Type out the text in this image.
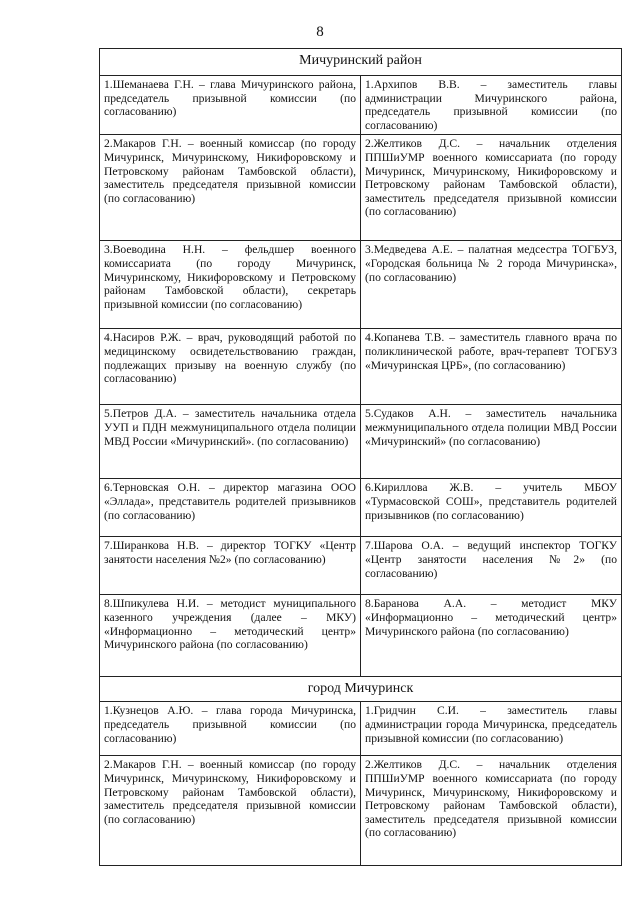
8
Мичуринский район	
1.Шеманаева Г.Н. – глава Мичуринского района, председатель призывной комиссии (по согласованию)	1.Архипов В.В. – заместитель главы администрации Мичуринского района, председатель призывной комиссии (по согласованию)
2.Макаров Г.Н. – военный комиссар (по городу Мичуринск, Мичуринскому, Никифоровскому и Петровскому районам Тамбовской области), заместитель председателя призывной комиссии (по согласованию)	2.Желтиков Д.С. – начальник отделения ППШиУМР военного комиссариата (по городу Мичуринск, Мичуринскому, Никифоровскому и Петровскому районам Тамбовской области), заместитель председателя призывной комиссии (по согласованию)
3.Воеводина Н.Н. – фельдшер военного комиссариата (по городу Мичуринск, Мичуринскому, Никифоровскому и Петровскому районам Тамбовской области), секретарь призывной комиссии (по согласованию)	3.Медведева А.Е. – палатная медсестра ТОГБУЗ, «Городская больница № 2 города Мичуринска», (по согласованию)
4.Насиров Р.Ж. – врач, руководящий работой по медицинскому освидетельствованию граждан, подлежащих призыву на военную службу (по согласованию)	4.Копанева Т.В. – заместитель главного врача по поликлинической работе, врач-терапевт ТОГБУЗ «Мичуринская ЦРБ», (по согласованию)
5.Петров Д.А. – заместитель начальника отдела УУП и ПДН межмуниципального отдела полиции МВД России «Мичуринский». (по согласованию)	5.Судаков А.Н. – заместитель начальника межмуниципального отдела полиции МВД России «Мичуринский» (по согласованию)
6.Терновская О.Н. – директор магазина ООО «Эллада», представитель родителей призывников (по согласованию)	6.Кириллова Ж.В. – учитель МБОУ «Турмасовской СОШ», представитель родителей призывников (по согласованию)
7.Ширанкова Н.В. – директор ТОГКУ «Центр занятости населения №2» (по согласованию)	7.Шарова О.А. – ведущий инспектор ТОГКУ «Центр занятости населения №2» (по согласованию)
8.Шпикулева Н.И. – методист муниципального казенного учреждения (далее – МКУ) «Информационно – методический центр» Мичуринского района (по согласованию)	8.Баранова А.А. – методист МКУ «Информационно – методический центр» Мичуринского района (по согласованию)
город Мичуринск	
1.Кузнецов А.Ю. – глава города Мичуринска, председатель призывной комиссии (по согласованию)	1.Гридчин С.И. – заместитель главы администрации города Мичуринска, председатель призывной комиссии (по согласованию)
2.Макаров Г.Н. – военный комиссар (по городу Мичуринск, Мичуринскому, Никифоровскому и Петровскому районам Тамбовской области), заместитель председателя призывной комиссии (по согласованию)	2.Желтиков Д.С. – начальник отделения ППШиУМР военного комиссариата (по городу Мичуринск, Мичуринскому, Никифоровскому и Петровскому районам Тамбовской области), заместитель председателя призывной комиссии (по согласованию)
